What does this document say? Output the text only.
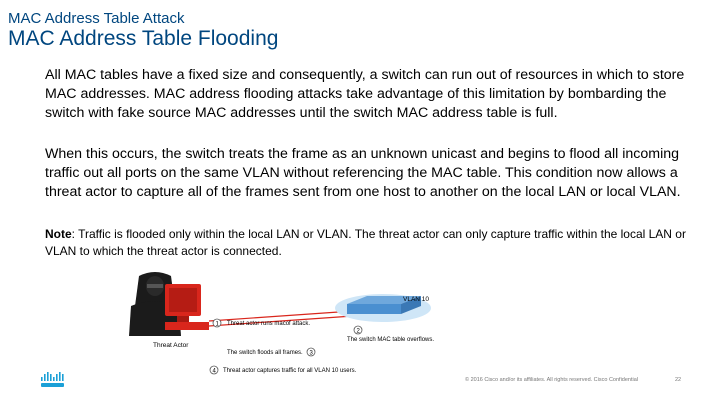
MAC Address Table Attack
MAC Address Table Flooding

All MAC tables have a fixed size and consequently, a switch can run out of resources in which to store MAC addresses. MAC address flooding attacks take advantage of this limitation by bombarding the switch with fake source MAC addresses until the switch MAC address table is full.

When this occurs, the switch treats the frame as an unknown unicast and begins to flood all incoming traffic out all ports on the same VLAN without referencing the MAC table. This condition now allows a threat actor to capture all of the frames sent from one host to another on the local LAN or local VLAN.

Note: Traffic is flooded only within the local LAN or VLAN. The threat actor can only capture traffic within the local LAN or VLAN to which the threat actor is connected.

Threat Actor
VLAN 10
1 Threat actor runs macof attack.
2
The switch MAC table overflows.
3
The switch floods all frames.
4 Threat actor captures traffic for all VLAN 10 users.
© 2016 Cisco and/or its affiliates. All rights reserved. Cisco Confidential	22
